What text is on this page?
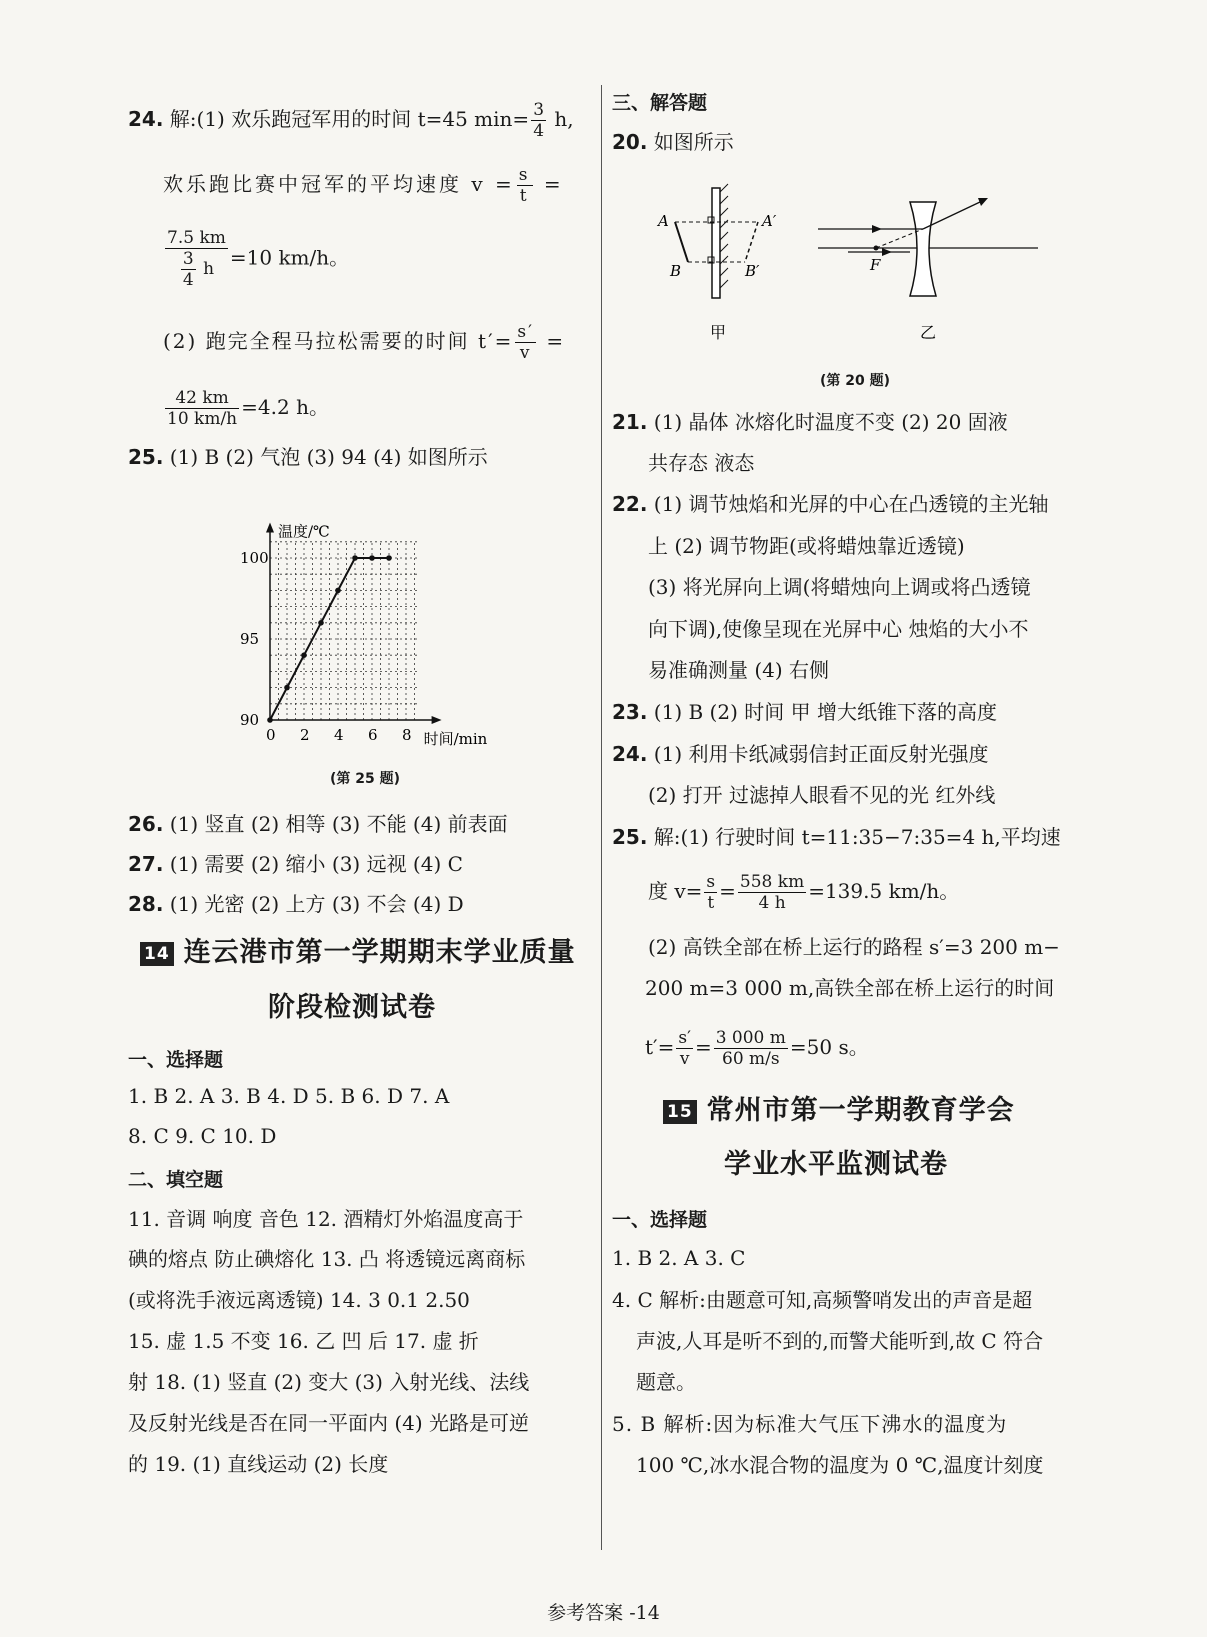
24. 解:(1) 欢乐跑冠军用的时间 t=45 $\min= \frac{3}{4} h$,
欢乐跑比赛中冠军的平均速度 $v = \frac{s}{t}$ =
$\frac{7.5 km}{\frac{3}{4} h} =10$ km/h。
(2) 跑完全程马拉松需要的时间 $t'= \frac{s'}{v}$ =
$\frac{42 km}{10 km/h} =4.2$ h。
25. (1) B (2) 气泡 (3) 94 (4) 如图所示
0 2 4 6 8
90
95
100
温度/℃
时间/min
(第 25 题)
26. (1) 竖直 (2) 相等 (3) 不能 (4) 前表面
27. (1) 需要 (2) 缩小 (3) 远视 (4) C
28. (1) 光密 (2) 上方 (3) 不会 (4) D
14 连云港市第一学期期末学业质量
阶段检测试卷
一、选择题
1. B 2. A 3. B 4. D 5. B 6. D 7. A
8. C 9. C 10. D
二、填空题
11. 音调 响度 音色 12. 酒精灯外焰温度高于
碘的熔点 防止碘熔化 13. 凸 将透镜远离商标
(或将洗手液远离透镜) 14. 3 0.1 2.50
15. 虚 1.5 不变 16. 乙 凹 后 17. 虚 折
射 18. (1) 竖直 (2) 变大 (3) 入射光线、法线
及反射光线是否在同一平面内 (4) 光路是可逆
的 19. (1) 直线运动 (2) 长度
三、解答题
20. 如图所示
A	A′
B	B′
甲
F
乙
(第 20 题)
21. (1) 晶体 冰熔化时温度不变 (2) 20 固液
共存态 液态
22. (1) 调节烛焰和光屏的中心在凸透镜的主光轴
上 (2) 调节物距(或将蜡烛靠近透镜)
(3) 将光屏向上调(将蜡烛向上调或将凸透镜
向下调),使像呈现在光屏中心 烛焰的大小不
易准确测量 (4) 右侧
23. (1) B (2) 时间 甲 增大纸锥下落的高度
24. (1) 利用卡纸减弱信封正面反射光强度
(2) 打开 过滤掉人眼看不见的光 红外线
25. 解:(1) 行驶时间 t=11:35−7:35=4 h,平均速
度 $v= \frac{s}{t} = \frac{558 km}{4 h} =139.5$ km/h。
(2) 高铁全部在桥上运行的路程 s′=3 200 m−
200 m=3 000 m,高铁全部在桥上运行的时间
$t'= \frac{s'}{v} = \frac{3 000 m}{60 m/s} =50$ s。
15 常州市第一学期教育学会
学业水平监测试卷
一、选择题
1. B 2. A 3. C
4. C 解析:由题意可知,高频警哨发出的声音是超
声波,人耳是听不到的,而警犬能听到,故 C 符合
题意。
5. B 解析:因为标准大气压下沸水的温度为
100 ℃,冰水混合物的温度为 0 ℃,温度计刻度
参考答案 -14
